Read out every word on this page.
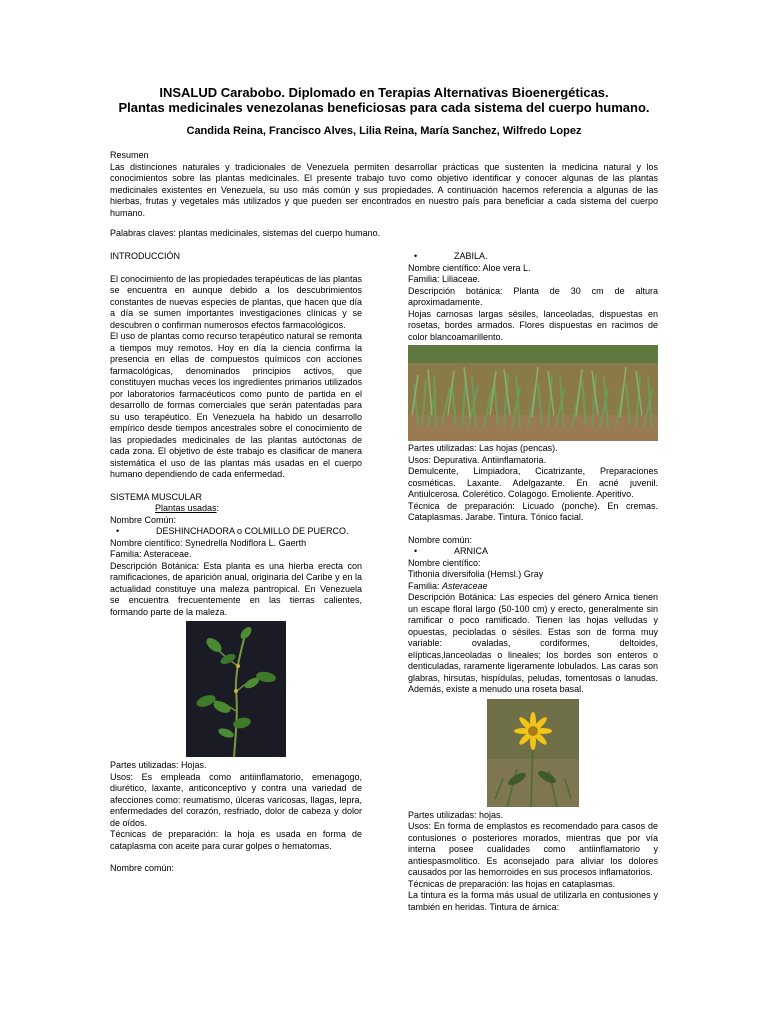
INSALUD Carabobo. Diplomado en Terapias Alternativas Bioenergéticas.
Plantas medicinales venezolanas beneficiosas para cada sistema del cuerpo humano.
Candida Reina, Francisco Alves, Lilia Reina, María Sanchez, Wilfredo Lopez

Resumen

Las distinciones naturales y tradicionales de Venezuela permiten desarrollar prácticas que sustenten la medicina natural y los conocimientos sobre las plantas medicinales. El presente trabajo tuvo como objetivo identificar y conocer algunas de las plantas medicinales existentes en Venezuela, su uso más común y sus propiedades. A continuación hacemos referencia a algunas de las hierbas, frutas y vegetales más utilizados y que pueden ser encontrados en nuestro país para beneficiar a cada sistema del cuerpo humano.

Palabras claves: plantas medicinales, sistemas del cuerpo humano.

INTRODUCCIÓN

El conocimiento de las propiedades terapéuticas de las plantas se encuentra en aunque debido a los descubrimientos constantes de nuevas especies de plantas, que hacen que día a día se sumen importantes investigaciones clínicas y se descubren o confirman numerosos efectos farmacológicos.

El uso de plantas como recurso terapéutico natural se remonta a tiempos muy remotos. Hoy en día la ciencia confirma la presencia en ellas de compuestos químicos con acciones farmacológicas, denominados principios activos, que constituyen muchas veces los ingredientes primarios utilizados por laboratorios farmacéuticos como punto de partida en el desarrollo de formas comerciales que serán patentadas para su uso terapéutico. En Venezuela ha habido un desarrollo empírico desde tiempos ancestrales sobre el conocimiento de las propiedades medicinales de las plantas autóctonas de cada zona. El objetivo de éste trabajo es clasificar de manera sistemática el uso de las plantas más usadas en el cuerpo humano dependiendo de cada enfermedad.

SISTEMA MUSCULAR

Plantas usadas:

Nombre Común:

• DESHINCHADORA o COLMILLO DE PUERCO.

Nombre científico: Synedrella Nodiflora L. Gaerth

Familia: Asteraceae.

Descripción Botánica: Esta planta es una hierba erecta con ramificaciones, de aparición anual, originaria del Caribe y en la actualidad constituye una maleza pantropical. En Venezuela se encuentra frecuentemente en las tierras calientes, formando parte de la maleza.

Partes utilizadas: Hojas.

Usos: Es empleada como antiinflamatorio, emenagogo, diurético, laxante, anticonceptivo y contra una variedad de afecciones como: reumatismo, úlceras varicosas, llagas, lepra, enfermedades del corazón, resfriado, dolor de cabeza y dolor de oídos.

Técnicas de preparación: la hoja es usada en forma de cataplasma con aceite para curar golpes o hematomas.

Nombre común:

• ZABILA.

Nombre científico: Aloe vera L.

Familia: Liliaceae.

Descripción botánica: Planta de 30 cm de altura aproximadamente.

Hojas carnosas largas sésiles, lanceoladas, dispuestas en rosetas, bordes armados. Flores dispuestas en racimos de color blancoamarillento.

Partes utilizadas: Las hojas (pencas).

Usos: Depurativa. Antiinflamatoria.

Demulcente, Limpiadora, Cicatrizante, Preparaciones cosméticas. Laxante. Adelgazante. En acné juvenil. Antiulcerosa. Colerético. Colagogo. Emoliente. Aperitivo.

Técnica de preparación: Licuado (ponche). En cremas. Cataplasmas. Jarabe. Tintura. Tónico facial.

Nombre común:

• ARNICA

Nombre científico:

Tithonia diversifolia (Hemsl.) Gray

Familia: Asteraceae

Descripción Botánica: Las especies del género Arnica tienen un escape floral largo (50-100 cm) y erecto, generalmente sin ramificar o poco ramificado. Tienen las hojas velludas y opuestas, pecioladas o sésiles. Estas son de forma muy variable: ovaladas, cordiformes, deltoides, elípticas,lanceoladas o lineales; los bordes son enteros o denticuladas, raramente ligeramente lobulados. Las caras son glabras, hirsutas, hispídulas, peludas, tomentosas o lanudas. Además, existe a menudo una roseta basal.

Partes utilizadas: hojas.

Usos: En forma de emplastos es recomendado para casos de contusiones o posteriores morados, mientras que por vía interna posee cualidades como antiinflamatorio y antiespasmolítico. Es aconsejado para aliviar los dolores causados por las hemorroides en sus procesos inflamatorios.

Técnicas de preparación: las hojas en cataplasmas.

La tintura es la forma más usual de utilizarla en contusiones y también en heridas. Tintura de árnica:
